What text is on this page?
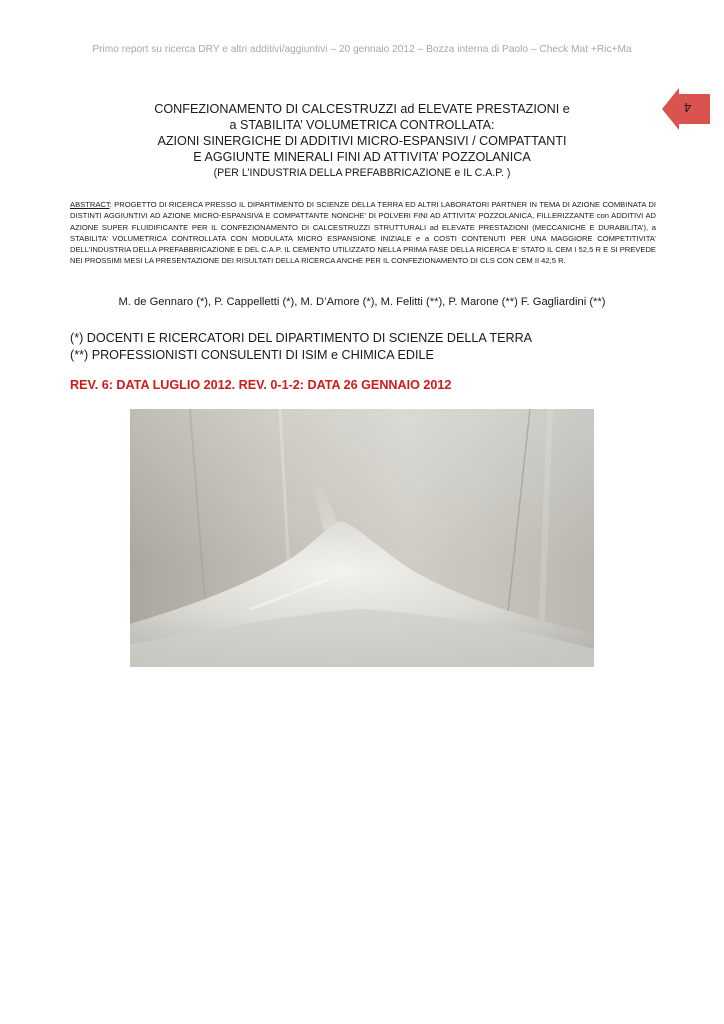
Primo report su ricerca DRY e altri additivi/aggiuntivi – 20 gennaio 2012 – Bozza interna di Paolo – Check Mat +Ric+Ma
4
CONFEZIONAMENTO DI CALCESTRUZZI ad ELEVATE PRESTAZIONI e
a STABILITA’ VOLUMETRICA CONTROLLATA:
AZIONI SINERGICHE DI ADDITIVI MICRO-ESPANSIVI / COMPATTANTI
E AGGIUNTE MINERALI FINI AD ATTIVITA’ POZZOLANICA
(PER L’INDUSTRIA DELLA PREFABBRICAZIONE e IL C.A.P. )
ABSTRACT: PROGETTO DI RICERCA PRESSO IL DIPARTIMENTO DI SCIENZE DELLA TERRA ED ALTRI LABORATORI PARTNER IN TEMA DI AZIONE COMBINATA DI DISTINTI AGGIUNTIVI AD AZIONE MICRO-ESPANSIVA E COMPATTANTE NONCHE’ DI POLVERI FINI AD ATTIVITA’ POZZOLANICA, FILLERIZZANTE con ADDITIVI AD AZIONE SUPER FLUIDIFICANTE PER IL CONFEZIONAMENTO DI CALCESTRUZZI STRUTTURALI ad ELEVATE PRESTAZIONI (MECCANICHE E DURABILITA’), a STABILITA’ VOLUMETRICA CONTROLLATA CON MODULATA MICRO ESPANSIONE INIZIALE e a COSTI CONTENUTI PER UNA MAGGIORE COMPETITIVITA’ DELL’INDUSTRIA DELLA PREFABBRICAZIONE E DEL C.A.P. IL CEMENTO UTILIZZATO NELLA PRIMA FASE DELLA RICERCA E’ STATO IL CEM I 52,5 R E SI PREVEDE NEI PROSSIMI MESI LA PRESENTAZIONE DEI RISULTATI DELLA RICERCA ANCHE PER IL CONFEZIONAMENTO DI CLS CON CEM II 42,5 R.
M. de Gennaro (*), P. Cappelletti (*), M. D’Amore (*), M. Felitti (**), P. Marone (**) F. Gagliardini (**)
(*) DOCENTI E RICERCATORI DEL DIPARTIMENTO DI SCIENZE DELLA TERRA
(**) PROFESSIONISTI CONSULENTI DI ISIM e CHIMICA EDILE
REV. 6: DATA LUGLIO 2012. REV. 0-1-2: DATA 26 GENNAIO 2012
